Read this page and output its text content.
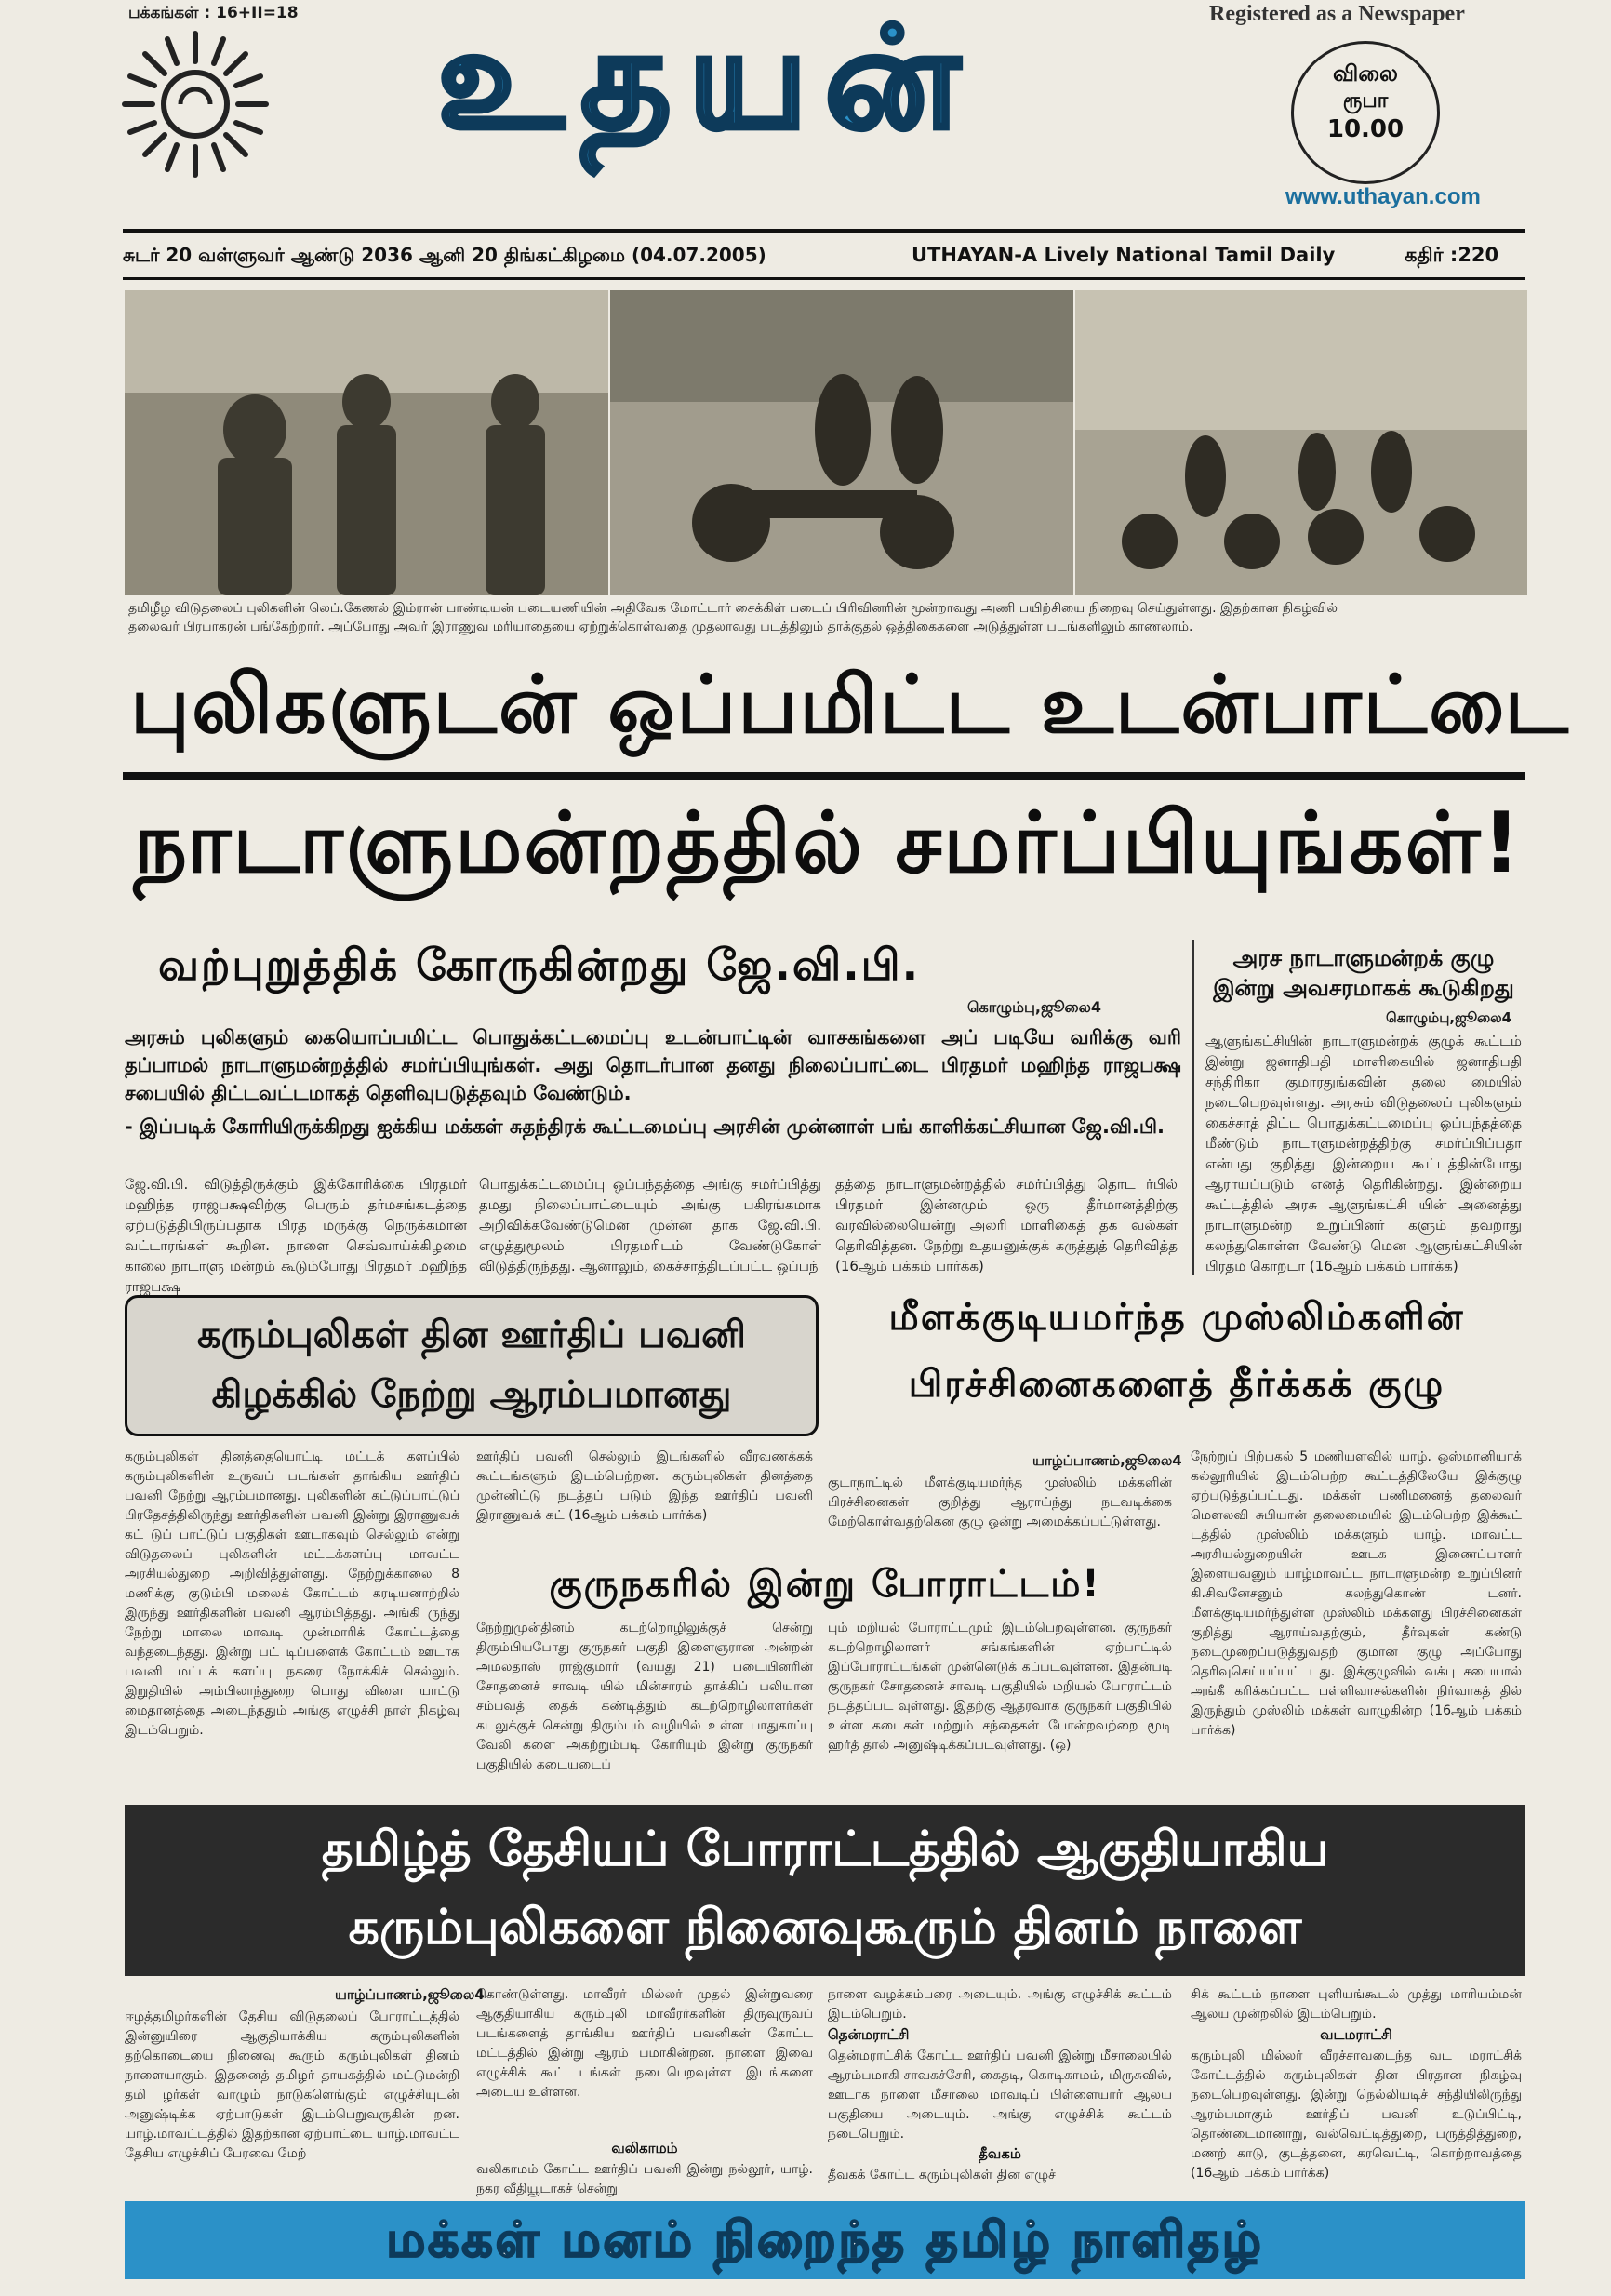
பக்கங்கள் : 16+II=18	Registered as a Newspaper
உதயன்	விலை
ரூபா
10.00
www.uthayan.com
சுடர் 20 வள்ளுவர் ஆண்டு 2036 ஆனி 20 திங்கட்கிழமை (04.07.2005)	UTHAYAN-A Lively National Tamil Daily	கதிர் :220
தமிழீழ விடுதலைப் புலிகளின் லெப்.கேணல் இம்ரான் பாண்டியன் படையணியின் அதிவேக மோட்டார் சைக்கிள் படைப் பிரிவினரின் மூன்றாவது அணி பயிற்சியை நிறைவு செய்துள்ளது. இதற்கான நிகழ்வில்
தலைவர் பிரபாகரன் பங்கேற்றார். அப்போது அவர் இராணுவ மரியாதையை ஏற்றுக்கொள்வதை முதலாவது படத்திலும் தாக்குதல் ஒத்திகைகளை அடுத்துள்ள படங்களிலும் காணலாம்.
புலிகளுடன் ஒப்பமிட்ட உடன்பாட்டை
நாடாளுமன்றத்தில் சமர்ப்பியுங்கள்!
வற்புறுத்திக் கோருகின்றது ஜே.வி.பி.
கொழும்பு,ஜூலை4
அரசும் புலிகளும் கையொப்பமிட்ட பொதுக்கட்டமைப்பு உடன்பாட்டின் வாசகங்களை அப் படியே வரிக்கு வரி தப்பாமல் நாடாளுமன்றத்தில் சமர்ப்பியுங்கள். அது தொடர்பான தனது நிலைப்பாட்டை பிரதமர் மஹிந்த ராஜபக்ஷ சபையில் திட்டவட்டமாகத் தெளிவுபடுத்தவும் வேண்டும்.
- இப்படிக் கோரியிருக்கிறது ஐக்கிய மக்கள் சுதந்திரக் கூட்டமைப்பு அரசின் முன்னாள் பங் காளிக்கட்சியான ஜே.வி.பி.
ஜே.வி.பி. விடுத்திருக்கும் இக்கோரிக்கை பிரதமர் மஹிந்த ராஜபக்ஷவிற்கு பெரும் தர்மசங்கடத்தை ஏற்படுத்தியிருப்பதாக பிரத மருக்கு நெருக்கமான வட்டாரங்கள் கூறின. நாளை செவ்வாய்க்கிழமை காலை நாடாளு மன்றம் கூடும்போது பிரதமர் மஹிந்த ராஜபக்ஷ
பொதுக்கட்டமைப்பு ஒப்பந்தத்தை அங்கு சமர்ப்பித்து தமது நிலைப்பாட்டையும் அங்கு பகிரங்கமாக அறிவிக்கவேண்டுமென முன்ன தாக ஜே.வி.பி. எழுத்துமூலம் பிரதமரிடம் வேண்டுகோள் விடுத்திருந்தது. ஆனாலும், கைச்சாத்திடப்பட்ட ஒப்பந்
தத்தை நாடாளுமன்றத்தில் சமர்ப்பித்து தொட ர்பில் பிரதமர் இன்னமும் ஒரு தீர்மானத்திற்கு வரவில்லையென்று அலரி மாளிகைத் தக வல்கள் தெரிவித்தன. நேற்று உதயனுக்குக் கருத்துத் தெரிவித்த (16ஆம் பக்கம் பார்க்க)
அரச நாடாளுமன்றக் குழு
இன்று அவசரமாகக் கூடுகிறது
கொழும்பு,ஜூலை4
ஆளுங்கட்சியின் நாடாளுமன்றக் குழுக் கூட்டம் இன்று ஜனாதிபதி மாளிகையில் ஜனாதிபதி சந்திரிகா குமாரதுங்கவின் தலை மையில் நடைபெறவுள்ளது. அரசும் விடுதலைப் புலிகளும் கைச்சாத் திட்ட பொதுக்கட்டமைப்பு ஒப்பந்தத்தை மீண்டும் நாடாளுமன்றத்திற்கு சமர்ப்பிப்பதா என்பது குறித்து இன்றைய கூட்டத்தின்போது ஆராயப்படும் எனத் தெரிகின்றது. இன்றைய கூட்டத்தில் அரசு ஆளுங்கட்சி யின் அனைத்து நாடாளுமன்ற உறுப்பினர் களும் தவறாது கலந்துகொள்ள வேண்டு மென ஆளுங்கட்சியின் பிரதம கொறடா (16ஆம் பக்கம் பார்க்க)
கரும்புலிகள் தின ஊர்திப் பவனி
கிழக்கில் நேற்று ஆரம்பமானது
கரும்புலிகள் தினத்தையொட்டி மட்டக் களப்பில் கரும்புலிகளின் உருவப் படங்கள் தாங்கிய ஊர்திப் பவனி நேற்று ஆரம்பமானது. புலிகளின் கட்டுப்பாட்டுப் பிரதேசத்திலிருந்து ஊர்திகளின் பவனி இன்று இராணுவக் கட் டுப் பாட்டுப் பகுதிகள் ஊடாகவும் செல்லும் என்று விடுதலைப் புலிகளின் மட்டக்களப்பு மாவட்ட அரசியல்துறை அறிவித்துள்ளது. நேற்றுக்காலை 8 மணிக்கு குடும்பி மலைக் கோட்டம் கரடியனாற்றில் இருந்து ஊர்திகளின் பவனி ஆரம்பித்தது. அங்கி ருந்து நேற்று மாலை மாவடி முன்மாரிக் கோட்டத்தை வந்தடைந்தது. இன்று பட் டிப்பளைக் கோட்டம் ஊடாக பவனி மட்டக் களப்பு நகரை நோக்கிச் செல்லும். இறுதியில் அம்பிலாந்துறை பொது விளை யாட்டு மைதானத்தை அடைந்ததும் அங்கு எழுச்சி நாள் நிகழ்வு இடம்பெறும்.
ஊர்திப் பவனி செல்லும் இடங்களில் வீரவணக்கக் கூட்டங்களும் இடம்பெற்றன. கரும்புலிகள் தினத்தை முன்னிட்டு நடத்தப் படும் இந்த ஊர்திப் பவனி இராணுவக் கட் (16ஆம் பக்கம் பார்க்க)
குருநகரில் இன்று போராட்டம்!
நேற்றுமுன்தினம் கடற்றொழிலுக்குச் சென்று திரும்பியபோது குருநகர் பகுதி இளைஞரான அன்றன் அமலதாஸ் ராஜ்குமார் (வயது 21) படையினரின் சோதனைச் சாவடி யில் மின்சாரம் தாக்கிப் பலியான சம்பவத் தைக் கண்டித்தும் கடற்றொழிலாளர்கள் கடலுக்குச் சென்று திரும்பும் வழியில் உள்ள பாதுகாப்பு வேலி களை அகற்றும்படி கோரியும் இன்று குருநகர் பகுதியில் கடையடைப்
பும் மறியல் போராட்டமும் இடம்பெறவுள்ளன. குருநகர் கடற்றொழிலாளர் சங்கங்களின் ஏற்பாட்டில் இப்போராட்டங்கள் முன்னெடுக் கப்படவுள்ளன. இதன்படி குருநகர் சோதனைச் சாவடி பகுதியில் மறியல் போராட்டம் நடத்தப்பட வுள்ளது. இதற்கு ஆதரவாக குருநகர் பகுதியில் உள்ள கடைகள் மற்றும் சந்தைகள் போன்றவற்றை மூடி ஹர்த் தால் அனுஷ்டிக்கப்படவுள்ளது. (ஒ)
மீளக்குடியமர்ந்த முஸ்லிம்களின்
பிரச்சினைகளைத் தீர்க்கக் குழு
யாழ்ப்பாணம்,ஜூலை4
குடாநாட்டில் மீளக்குடியமர்ந்த முஸ்லிம் மக்களின் பிரச்சினைகள் குறித்து ஆராய்ந்து நடவடிக்கை மேற்கொள்வதற்கென குழு ஒன்று அமைக்கப்பட்டுள்ளது.
நேற்றுப் பிற்பகல் 5 மணியளவில் யாழ். ஒஸ்மானியாக் கல்லூரியில் இடம்பெற்ற கூட்டத்திலேயே இக்குழு ஏற்படுத்தப்பட்டது. மக்கள் பணிமனைத் தலைவர் மௌலவி சுபியான் தலைமையில் இடம்பெற்ற இக்கூட் டத்தில் முஸ்லிம் மக்களும் யாழ். மாவட்ட அரசியல்துறையின் ஊடக இணைப்பாளர் இளையவனும் யாழ்மாவட்ட நாடாளுமன்ற உறுப்பினர் கி.சிவனேசனும் கலந்துகொண் டனர். மீளக்குடியமர்ந்துள்ள முஸ்லிம் மக்களது பிரச்சினைகள் குறித்து ஆராய்வதற்கும், தீர்வுகள் கண்டு நடைமுறைப்படுத்துவதற் குமான குழு அப்போது தெரிவுசெய்யப்பட் டது. இக்குழுவில் வக்பு சபையால் அங்கீ கரிக்கப்பட்ட பள்ளிவாசல்களின் நிர்வாகத் தில் இருந்தும் முஸ்லிம் மக்கள் வாழுகின்ற (16ஆம் பக்கம் பார்க்க)
தமிழ்த் தேசியப் போராட்டத்தில் ஆகுதியாகிய
கரும்புலிகளை நினைவுகூரும் தினம் நாளை
யாழ்ப்பாணம்,ஜூலை4
ஈழத்தமிழர்களின் தேசிய விடுதலைப் போராட்டத்தில் இன்னுயிரை ஆகுதியாக்கிய கரும்புலிகளின் தற்கொடையை நினைவு கூரும் கரும்புலிகள் தினம் நாளையாகும். இதனைத் தமிழர் தாயகத்தில் மட்டுமன்றி தமி ழர்கள் வாழும் நாடுகளெங்கும் எழுச்சியுடன் அனுஷ்டிக்க ஏற்பாடுகள் இடம்பெறுவருகின் றன. யாழ்.மாவட்டத்தில் இதற்கான ஏற்பாட்டை யாழ்.மாவட்ட தேசிய எழுச்சிப் பேரவை மேற்
கொண்டுள்ளது. மாவீரர் மில்லர் முதல் இன்றுவரை ஆகுதியாகிய கரும்புலி மாவீரர்களின் திருவுருவப் படங்களைத் தாங்கிய ஊர்திப் பவனிகள் கோட்ட மட்டத்தில் இன்று ஆரம் பமாகின்றன. நாளை இவை எழுச்சிக் கூட் டங்கள் நடைபெறவுள்ள இடங்களை அடைய உள்ளன.
வலிகாமம்
வலிகாமம் கோட்ட ஊர்திப் பவனி இன்று நல்லூர், யாழ். நகர வீதியூடாகச் சென்று
நாளை வழக்கம்பரை அடையும். அங்கு எழுச்சிக் கூட்டம் இடம்பெறும்.
தென்மராட்சி
தென்மராட்சிக் கோட்ட ஊர்திப் பவனி இன்று மீசாலையில் ஆரம்பமாகி சாவகச்சேரி, கைதடி, கொடிகாமம், மிருசுவில், ஊடாக நாளை மீசாலை மாவடிப் பிள்ளையார் ஆலய பகுதியை அடையும். அங்கு எழுச்சிக் கூட்டம் நடைபெறும்.
தீவகம்
தீவகக் கோட்ட கரும்புலிகள் தின எழுச்
சிக் கூட்டம் நாளை புளியங்கூடல் முத்து மாரியம்மன் ஆலய முன்றலில் இடம்பெறும்.
வடமராட்சி
கரும்புலி மில்லர் வீரச்சாவடைந்த வட மராட்சிக் கோட்டத்தில் கரும்புலிகள் தின பிரதான நிகழ்வு நடைபெறவுள்ளது. இன்று நெல்லியடிச் சந்தியிலிருந்து ஆரம்பமாகும் ஊர்திப் பவனி உடுப்பிட்டி, தொண்டைமானாறு, வல்வெட்டித்துறை, பருத்தித்துறை, மணற் காடு, குடத்தனை, கரவெட்டி, கொற்றாவத்தை (16ஆம் பக்கம் பார்க்க)
மக்கள் மனம் நிறைந்த தமிழ் நாளிதழ்
